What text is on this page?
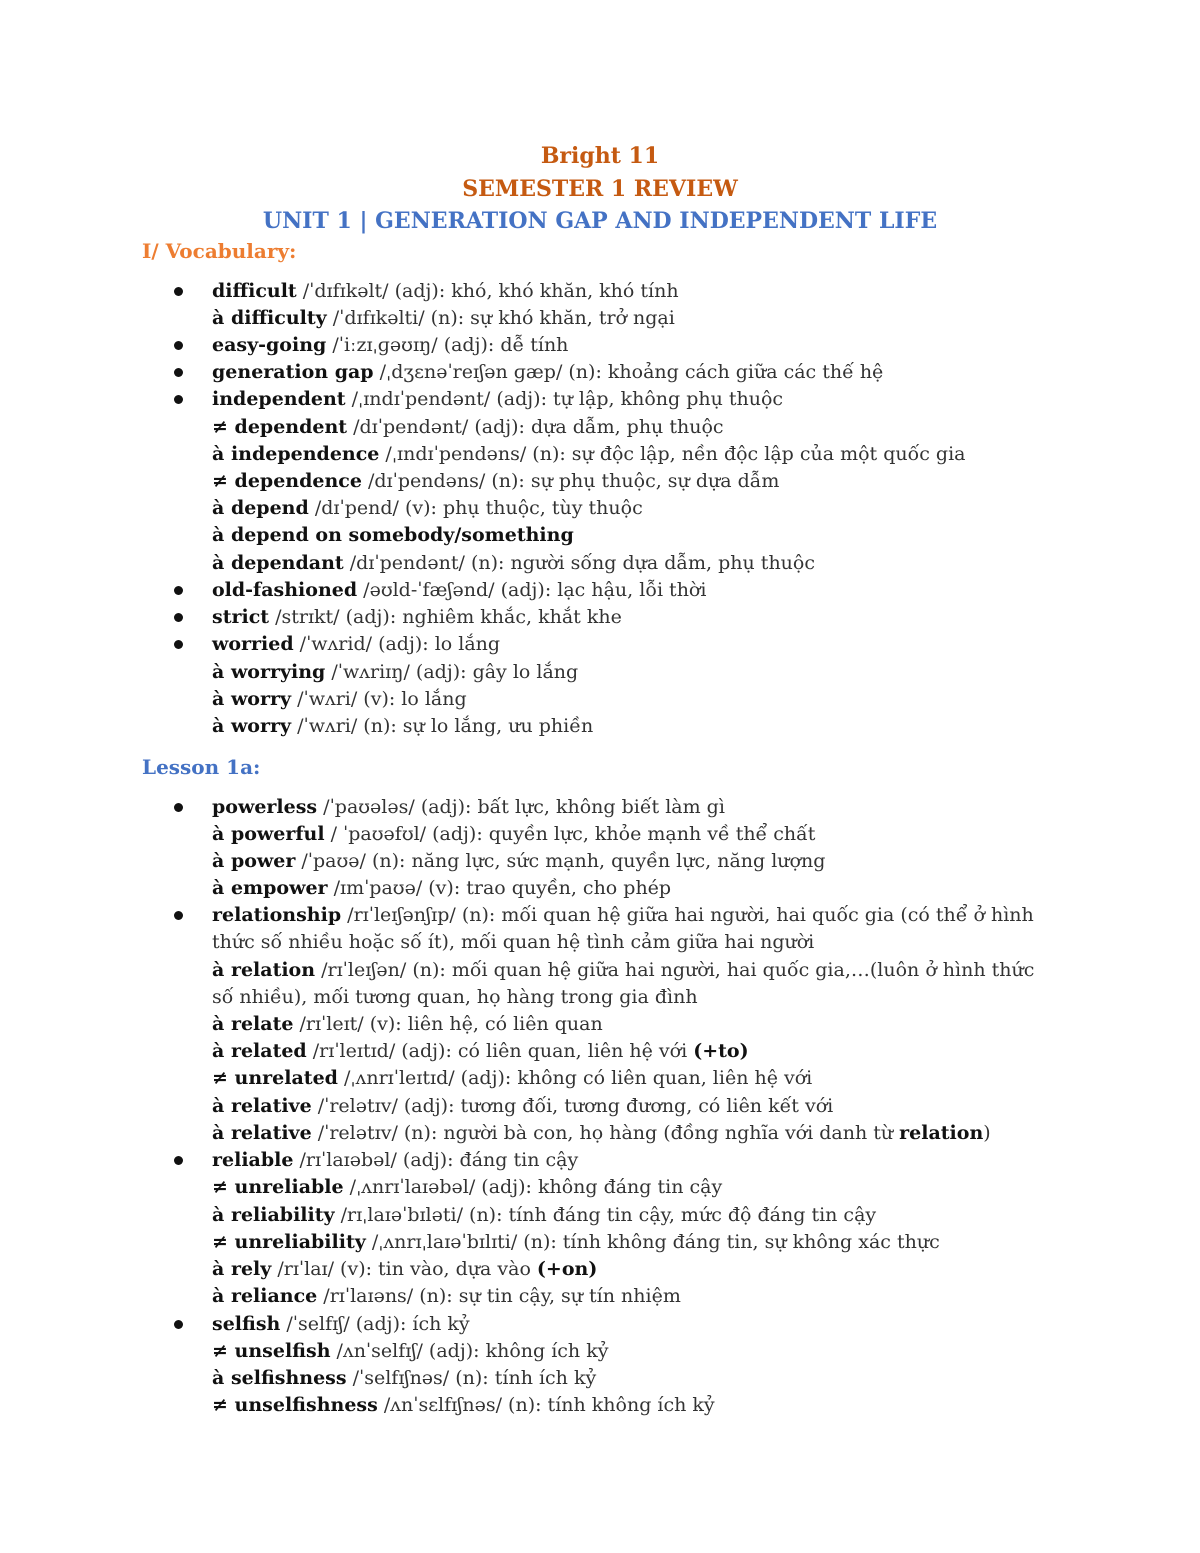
Bright 11
SEMESTER 1 REVIEW
UNIT 1 | GENERATION GAP AND INDEPENDENT LIFE
I/ Vocabulary:
Lesson 1a:
difficult /ˈdɪfɪkəlt/ (adj): khó, khó khăn, khó tính
à difficulty /ˈdɪfɪkəlti/ (n): sự khó khăn, trở ngại
easy-going /ˈiːzɪˌɡəʊɪŋ/ (adj): dễ tính
generation gap /ˌdʒɛnəˈreɪʃən ɡæp/ (n): khoảng cách giữa các thế hệ
independent /ˌɪndɪˈpendənt/ (adj): tự lập, không phụ thuộc
≠ dependent /dɪˈpendənt/ (adj): dựa dẫm, phụ thuộc
à independence /ˌɪndɪˈpendəns/ (n): sự độc lập, nền độc lập của một quốc gia
≠ dependence /dɪˈpendəns/ (n): sự phụ thuộc, sự dựa dẫm
à depend /dɪˈpend/ (v): phụ thuộc, tùy thuộc
à depend on somebody/something
à dependant /dɪˈpendənt/ (n): người sống dựa dẫm, phụ thuộc
old-fashioned /əʊld-ˈfæʃənd/ (adj): lạc hậu, lỗi thời
strict /strɪkt/ (adj): nghiêm khắc, khắt khe
worried /ˈwʌrid/ (adj): lo lắng
à worrying /ˈwʌriɪŋ/ (adj): gây lo lắng
à worry /ˈwʌri/ (v): lo lắng
à worry /ˈwʌri/ (n): sự lo lắng, ưu phiền
powerless /ˈpaʊələs/ (adj): bất lực, không biết làm gì
à powerful / ˈpaʊəfʊl/ (adj): quyền lực, khỏe mạnh về thể chất
à power /ˈpaʊə/ (n): năng lực, sức mạnh, quyền lực, năng lượng
à empower /ɪmˈpaʊə/ (v): trao quyền, cho phép
relationship /rɪˈleɪʃənʃɪp/ (n): mối quan hệ giữa hai người, hai quốc gia (có thể ở hình
thức số nhiều hoặc số ít), mối quan hệ tình cảm giữa hai người
à relation /rɪˈleɪʃən/ (n): mối quan hệ giữa hai người, hai quốc gia,…(luôn ở hình thức
số nhiều), mối tương quan, họ hàng trong gia đình
à relate /rɪˈleɪt/ (v): liên hệ, có liên quan
à related /rɪˈleɪtɪd/ (adj): có liên quan, liên hệ với (+to)
≠ unrelated /ˌʌnrɪˈleɪtɪd/ (adj): không có liên quan, liên hệ với
à relative /ˈrelətɪv/ (adj): tương đối, tương đương, có liên kết với
à relative /ˈrelətɪv/ (n): người bà con, họ hàng (đồng nghĩa với danh từ relation)
reliable /rɪˈlaɪəbəl/ (adj): đáng tin cậy
≠ unreliable /ˌʌnrɪˈlaɪəbəl/ (adj): không đáng tin cậy
à reliability /rɪˌlaɪəˈbɪləti/ (n): tính đáng tin cậy, mức độ đáng tin cậy
≠ unreliability /ˌʌnrɪˌlaɪəˈbɪlɪti/ (n): tính không đáng tin, sự không xác thực
à rely /rɪˈlaɪ/ (v): tin vào, dựa vào (+on)
à reliance /rɪˈlaɪəns/ (n): sự tin cậy, sự tín nhiệm
selfish /ˈselfɪʃ/ (adj): ích kỷ
≠ unselfish /ʌnˈselfɪʃ/ (adj): không ích kỷ
à selfishness /ˈselfɪʃnəs/ (n): tính ích kỷ
≠ unselfishness /ʌnˈsɛlfɪʃnəs/ (n): tính không ích kỷ
